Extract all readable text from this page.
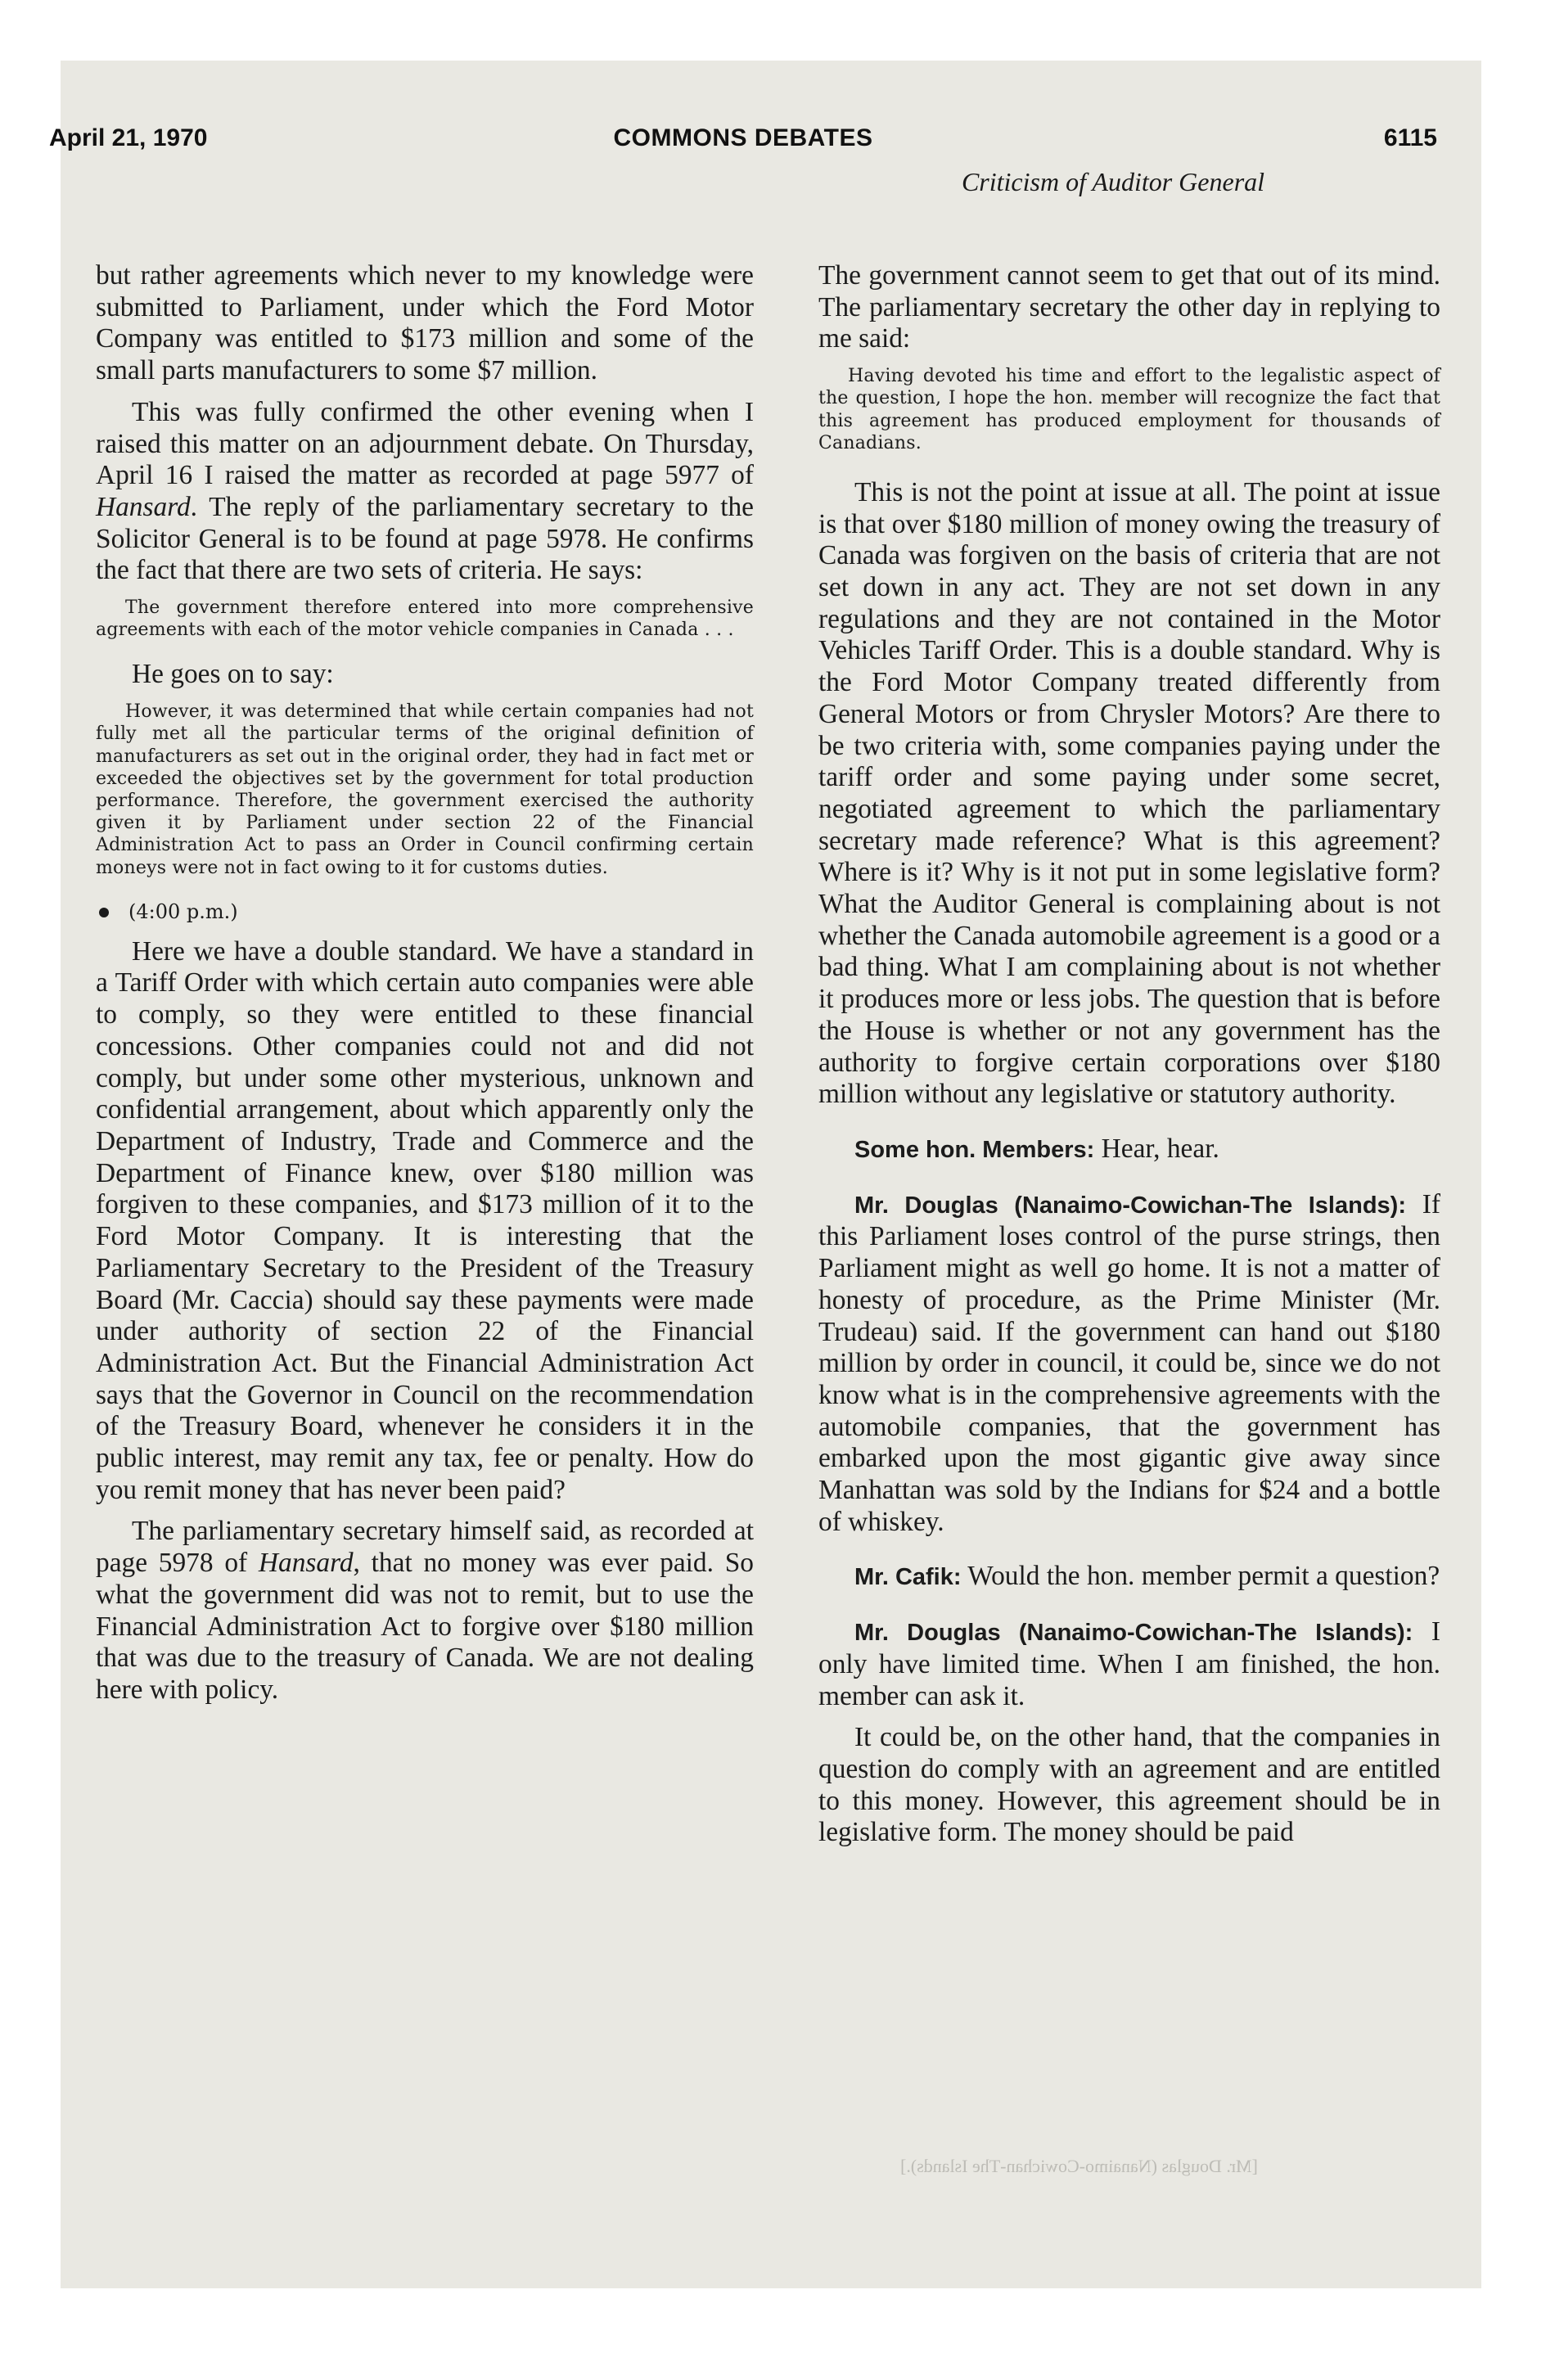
April 21, 1970	COMMONS DEBATES	6115
Criticism of Auditor General

but rather agreements which never to my knowledge were submitted to Parliament, under which the Ford Motor Company was entitled to $173 million and some of the small parts manufacturers to some $7 million.

This was fully confirmed the other evening when I raised this matter on an adjournment debate. On Thursday, April 16 I raised the matter as recorded at page 5977 of Hansard. The reply of the parliamentary secretary to the Solicitor General is to be found at page 5978. He confirms the fact that there are two sets of criteria. He says:

The government therefore entered into more comprehensive agreements with each of the motor vehicle companies in Canada . . .

He goes on to say:

However, it was determined that while certain companies had not fully met all the particular terms of the original definition of manufacturers as set out in the original order, they had in fact met or exceeded the objectives set by the government for total production performance. Therefore, the government exercised the authority given it by Parliament under section 22 of the Financial Administration Act to pass an Order in Council confirming certain moneys were not in fact owing to it for customs duties.

(4:00 p.m.)

Here we have a double standard. We have a standard in a Tariff Order with which certain auto companies were able to comply, so they were entitled to these financial concessions. Other companies could not and did not comply, but under some other mysterious, unknown and confidential arrangement, about which apparently only the Department of Industry, Trade and Commerce and the Department of Finance knew, over $180 million was forgiven to these companies, and $173 million of it to the Ford Motor Company. It is interesting that the Parliamentary Secretary to the President of the Treasury Board (Mr. Caccia) should say these payments were made under authority of section 22 of the Financial Administration Act. But the Financial Administration Act says that the Governor in Council on the recommendation of the Treasury Board, whenever he considers it in the public interest, may remit any tax, fee or penalty. How do you remit money that has never been paid?

The parliamentary secretary himself said, as recorded at page 5978 of Hansard, that no money was ever paid. So what the government did was not to remit, but to use the Financial Administration Act to forgive over $180 million that was due to the treasury of Canada. We are not dealing here with policy.

The government cannot seem to get that out of its mind. The parliamentary secretary the other day in replying to me said:

Having devoted his time and effort to the legalistic aspect of the question, I hope the hon. member will recognize the fact that this agreement has produced employment for thousands of Canadians.

This is not the point at issue at all. The point at issue is that over $180 million of money owing the treasury of Canada was forgiven on the basis of criteria that are not set down in any act. They are not set down in any regulations and they are not contained in the Motor Vehicles Tariff Order. This is a double standard. Why is the Ford Motor Company treated differently from General Motors or from Chrysler Motors? Are there to be two criteria with, some companies paying under the tariff order and some paying under some secret, negotiated agreement to which the parliamentary secretary made reference? What is this agreement? Where is it? Why is it not put in some legislative form? What the Auditor General is complaining about is not whether the Canada automobile agreement is a good or a bad thing. What I am complaining about is not whether it produces more or less jobs. The question that is before the House is whether or not any government has the authority to forgive certain corporations over $180 million without any legislative or statutory authority.

Some hon. Members: Hear, hear.

Mr. Douglas (Nanaimo-Cowichan-The Islands): If this Parliament loses control of the purse strings, then Parliament might as well go home. It is not a matter of honesty of procedure, as the Prime Minister (Mr. Trudeau) said. If the government can hand out $180 million by order in council, it could be, since we do not know what is in the comprehensive agreements with the automobile companies, that the government has embarked upon the most gigantic give away since Manhattan was sold by the Indians for $24 and a bottle of whiskey.

Mr. Cafik: Would the hon. member permit a question?

Mr. Douglas (Nanaimo-Cowichan-The Islands): I only have limited time. When I am finished, the hon. member can ask it.

It could be, on the other hand, that the companies in question do comply with an agreement and are entitled to this money. However, this agreement should be in legislative form. The money should be paid

[Mr. Douglas (Nanaimo-Cowichan-The Islands).]
